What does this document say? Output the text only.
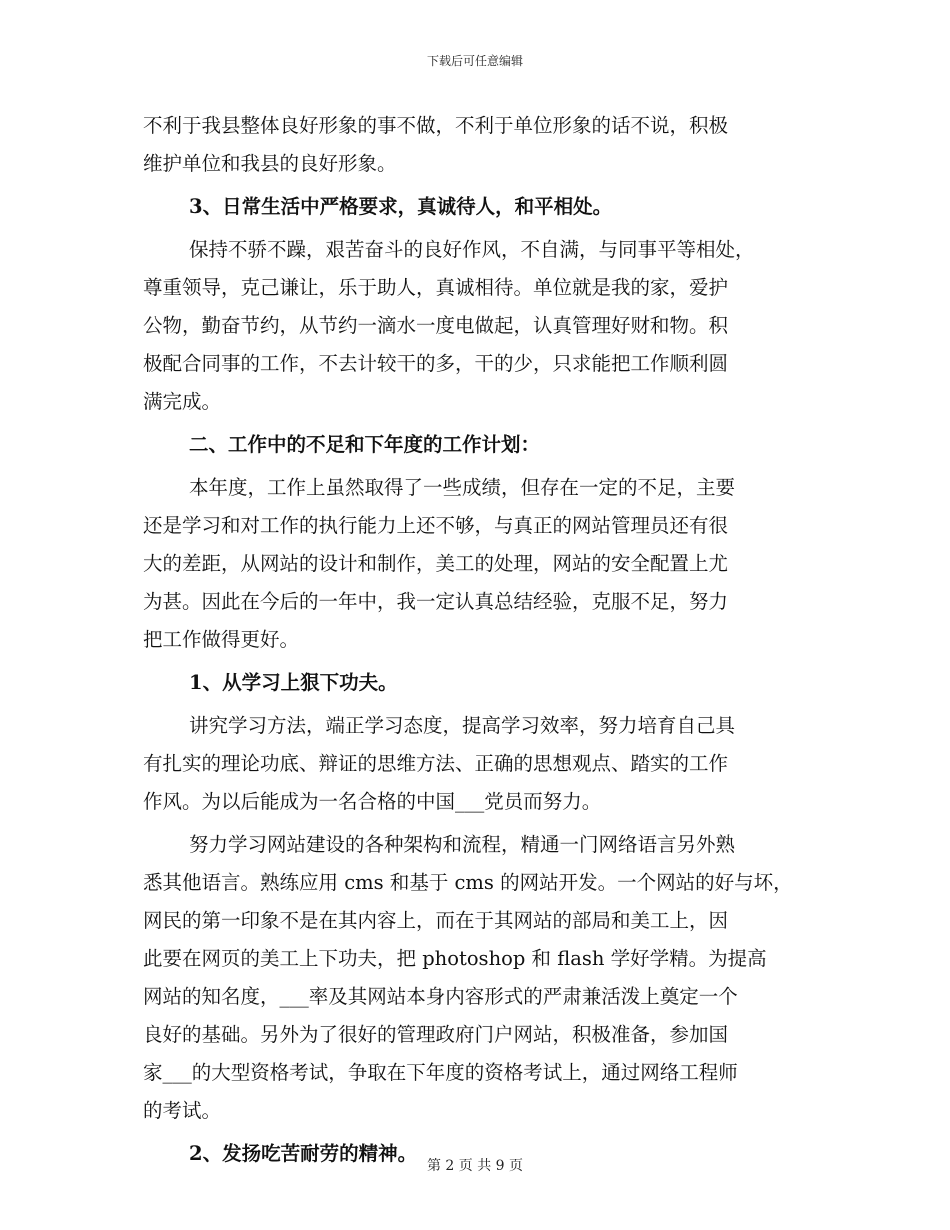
下载后可任意编辑
不利于我县整体良好形象的事不做，不利于单位形象的话不说，积极
维护单位和我县的良好形象。
3、日常生活中严格要求，真诚待人，和平相处。
保持不骄不躁，艰苦奋斗的良好作风，不自满，与同事平等相处，
尊重领导，克己谦让，乐于助人，真诚相待。单位就是我的家，爱护
公物，勤奋节约，从节约一滴水一度电做起，认真管理好财和物。积
极配合同事的工作，不去计较干的多，干的少，只求能把工作顺利圆
满完成。
二、工作中的不足和下年度的工作计划：
本年度，工作上虽然取得了一些成绩，但存在一定的不足，主要
还是学习和对工作的执行能力上还不够，与真正的网站管理员还有很
大的差距，从网站的设计和制作，美工的处理，网站的安全配置上尤
为甚。因此在今后的一年中，我一定认真总结经验，克服不足，努力
把工作做得更好。
1、从学习上狠下功夫。
讲究学习方法，端正学习态度，提高学习效率，努力培育自己具
有扎实的理论功底、辩证的思维方法、正确的思想观点、踏实的工作
作风。为以后能成为一名合格的中国___党员而努力。
努力学习网站建设的各种架构和流程，精通一门网络语言另外熟
悉其他语言。熟练应用 cms 和基于 cms 的网站开发。一个网站的好与坏，
网民的第一印象不是在其内容上，而在于其网站的部局和美工上，因
此要在网页的美工上下功夫，把 photoshop 和 flash 学好学精。为提高
网站的知名度，___率及其网站本身内容形式的严肃兼活泼上奠定一个
良好的基础。另外为了很好的管理政府门户网站，积极准备，参加国
家___的大型资格考试，争取在下年度的资格考试上，通过网络工程师
的考试。
2、发扬吃苦耐劳的精神。
第 2 页 共 9 页
